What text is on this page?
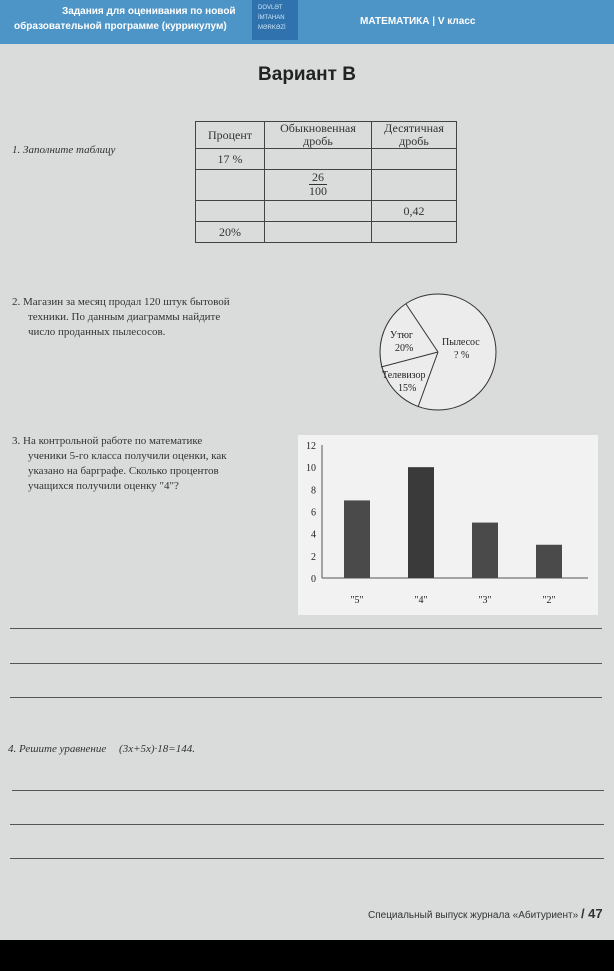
Задания для оценивания по новой
образовательной программе (куррикулум)
DOVLƏT
İMTAHAN
MƏRKƏZİ
МАТЕМАТИКА | V класс
Вариант В
1. Заполните таблицу
Процент	Обыкновенная дробь	Десятичная дробь
17 %		

	$\frac{26}{100}$

		0,42
20%		
2. Магазин за месяц продал 120 штук бытовой
техники. По данным диаграммы найдите
число проданных пылесосов.	Утюг
20%
Пылесос
? %
Телевизор
15%
3. На контрольной работе по математике
ученики 5-го класса получили оценки, как
указано на барграфе. Сколько процентов
учащихся получили оценку "4"?
0
2
4
6
8
10
12
"5"	"4"	"3"	"2"
4. Решите уравнение (3x+5x)·18=144.
Специальный выпуск журнала «Абитуриент» / 47
